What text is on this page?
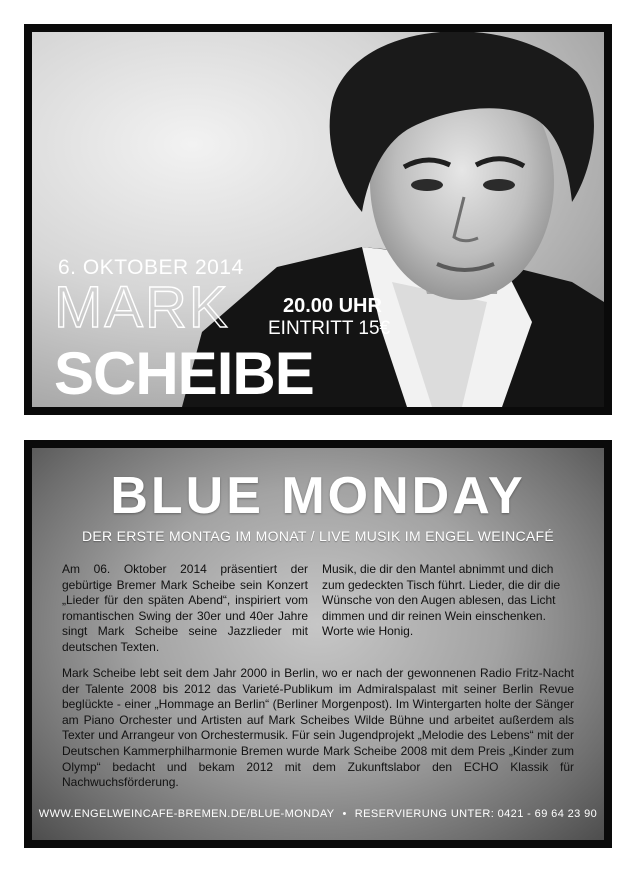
6. OKTOBER 2014
MARK
SCHEIBE
20.00 UHR
EINTRITT 15€
BLUE MONDAY
DER ERSTE MONTAG IM MONAT / LIVE MUSIK IM ENGEL WEINCAFÉ
Am 06. Oktober 2014 präsentiert der gebürtige Bremer Mark Scheibe sein Konzert „Lieder für den späten Abend“, inspiriert vom romantischen Swing der 30er und 40er Jahre singt Mark Scheibe seine Jazzlieder mit deutschen Texten.
Musik, die dir den Mantel abnimmt und dich zum gedeckten Tisch führt. Lieder, die dir die Wünsche von den Augen ablesen, das Licht dimmen und dir reinen Wein einschenken. Worte wie Honig.
Mark Scheibe lebt seit dem Jahr 2000 in Berlin, wo er nach der gewonnenen Radio Fritz-Nacht der Talente 2008 bis 2012 das Varieté-Publikum im Admiralspalast mit seiner Berlin Revue beglückte - einer „Hommage an Berlin“ (Berliner Morgenpost). Im Wintergarten holte der Sänger am Piano Orchester und Artisten auf Mark Scheibes Wilde Bühne und arbeitet außerdem als Texter und Arrangeur von Orchestermusik. Für sein Jugendprojekt „Melodie des Lebens“ mit der Deutschen Kammerphilharmonie Bremen wurde Mark Scheibe 2008 mit dem Preis „Kinder zum Olymp“ bedacht und bekam 2012 mit dem Zukunftslabor den ECHO Klassik für Nachwuchsförderung.
WWW.ENGELWEINCAFE-BREMEN.DE/BLUE-MONDAY • RESERVIERUNG UNTER: 0421 - 69 64 23 90
